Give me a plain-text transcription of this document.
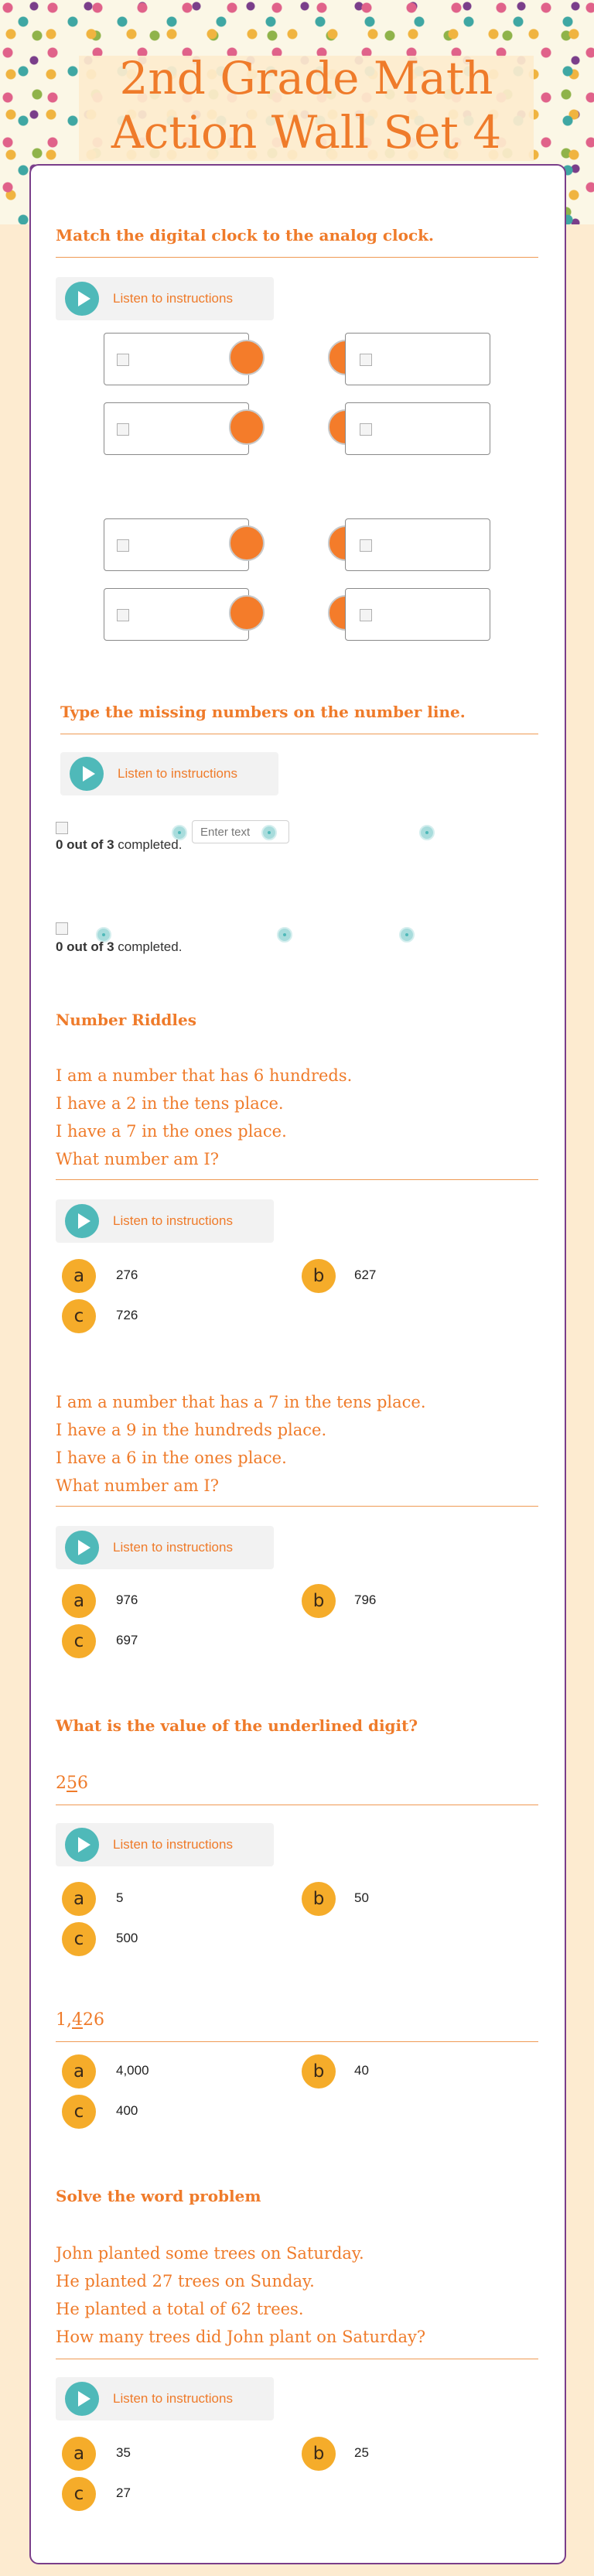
2nd Grade Math Action Wall Set 4
Match the digital clock to the analog clock.
Listen to instructions
Type the missing numbers on the number line.
Listen to instructions
Enter text
0 out of 3 completed.
0 out of 3 completed.
Number Riddles
I am a number that has 6 hundreds.
I have a 2 in the tens place.
I have a 7 in the ones place.
What number am I?
Listen to instructions
a	276	b	627
c	726
I am a number that has a 7 in the tens place.
I have a 9 in the hundreds place.
I have a 6 in the ones place.
What number am I?
Listen to instructions
a	976	b	796
c	697
What is the value of the underlined digit?
256
Listen to instructions
a	5	b	50
c	500
1,426
a	4,000	b	40
c	400
Solve the word problem
John planted some trees on Saturday.
He planted 27 trees on Sunday.
He planted a total of 62 trees.
How many trees did John plant on Saturday?
Listen to instructions
a	35	b	25
c	27
